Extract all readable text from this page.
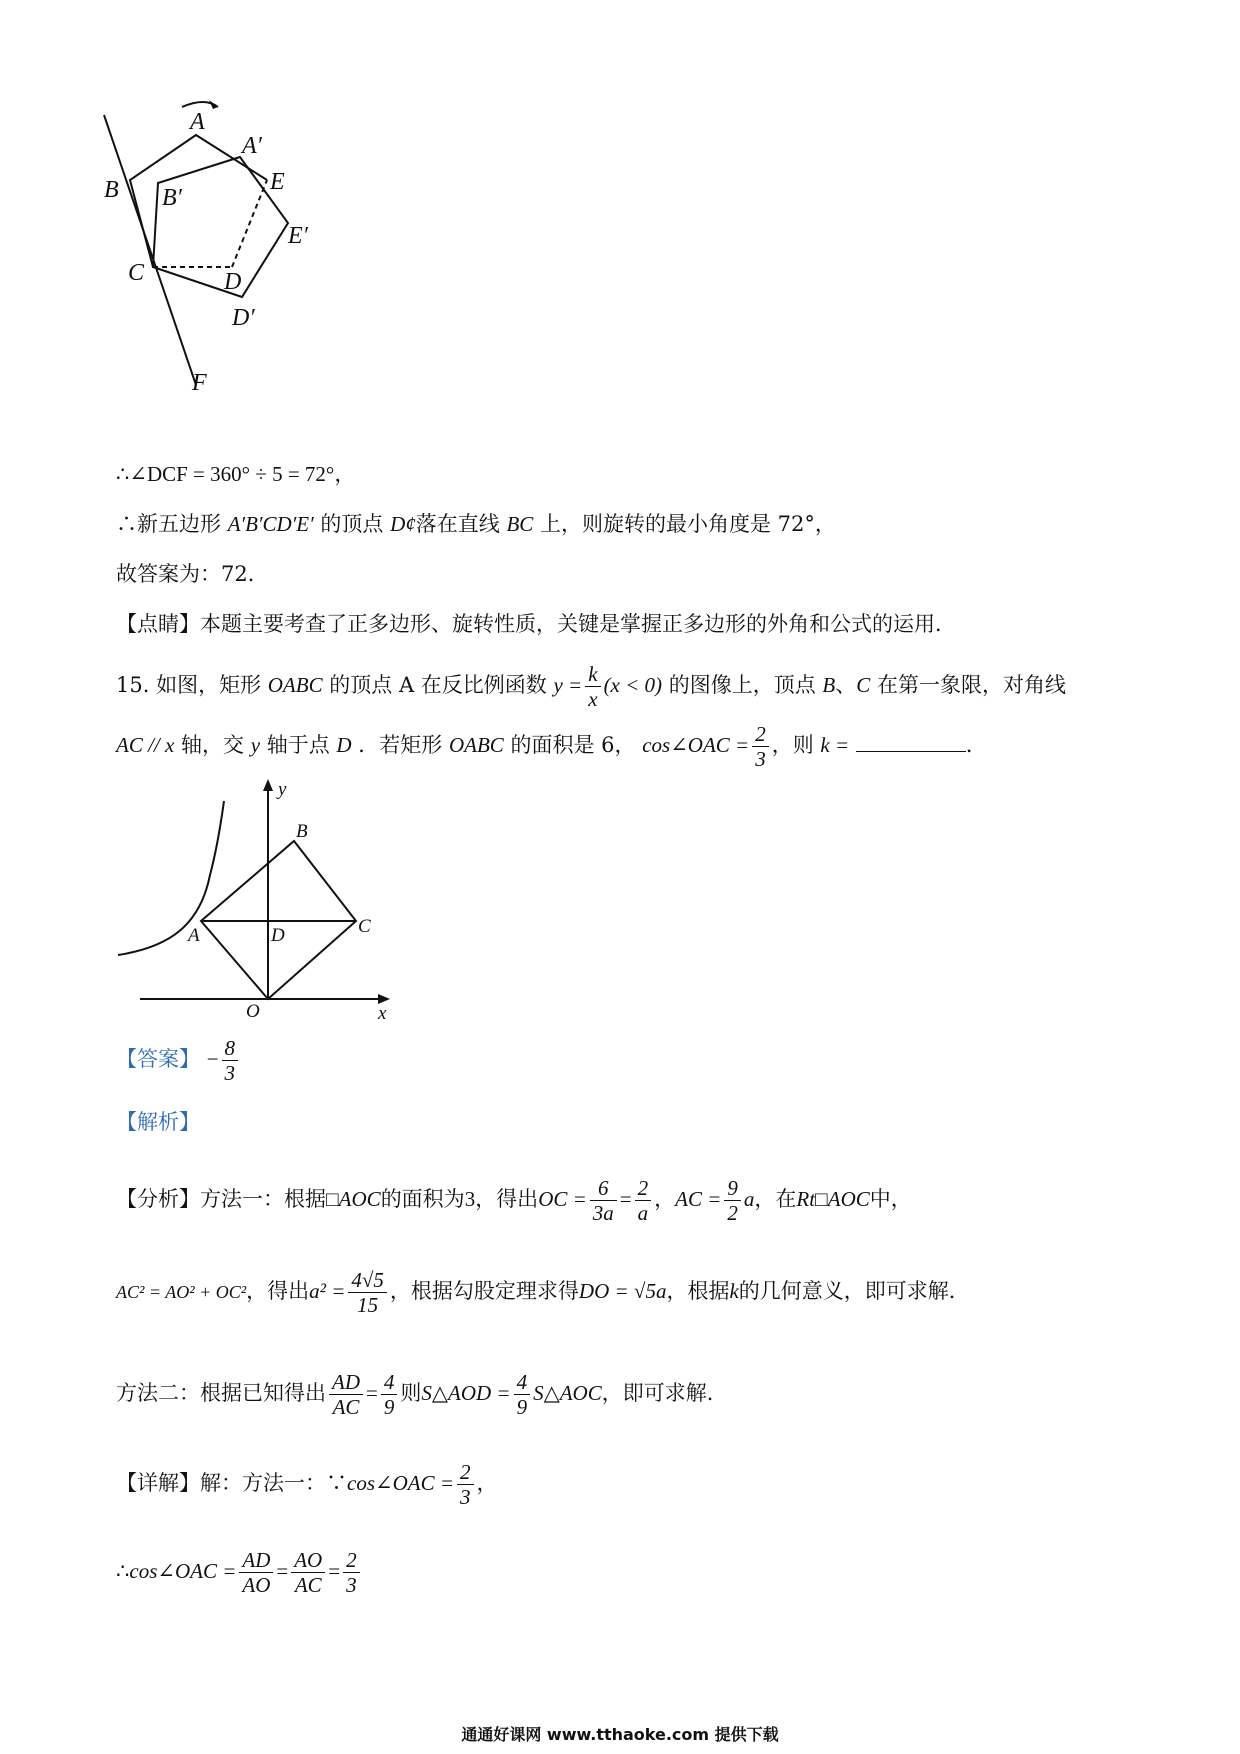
A
A′
B B′
E
E′
C	D
D′
F
∴∠DCF = 360° ÷ 5 = 72°，
∴新五边形 A′B′CD′E′ 的顶点 D¢落在直线 BC 上，则旋转的最小角度是 72°，
故答案为：72．
【点睛】本题主要考查了正多边形、旋转性质，关键是掌握正多边形的外角和公式的运用．
15. 如图，矩形 OABC 的顶点 A 在反比例函数 $y = \frac{k}{x} (x < 0)$ 的图像上，顶点 B、C 在第一象限，对角线
AC // x 轴，交 y 轴于点 D ．若矩形 OABC 的面积是 6， cos∠OAC = $\frac{2}{3}$ ，则 k =	．
y
B
A	D	C
O	x
【答案】 − $\frac{8}{3}$
【解析】
【分析】方法一：根据□AOC的面积为3，得出OC = $\frac{6}{3a} = \frac{2}{a}$ ，AC = $\frac{9}{2}$ a，在Rt□AOC中，
AC² = AO² + OC²，得出$a^2 = \frac{4√5}{15}$ ，根据勾股定理求得DO = √5a，根据k的几何意义，即可求解．
方法二：根据已知得出 $\frac{AD}{AC} = \frac{4}{9}$ 则S△AOD = $\frac{4}{9}$ S△AOC，即可求解．
【详解】解：方法一：∵cos∠OAC = $\frac{2}{3}$ ，
∴cos∠OAC = $\frac{AD}{AO} = \frac{AO}{AC} = \frac{2}{3}$
通通好课网 www.tthaoke.com 提供下载
